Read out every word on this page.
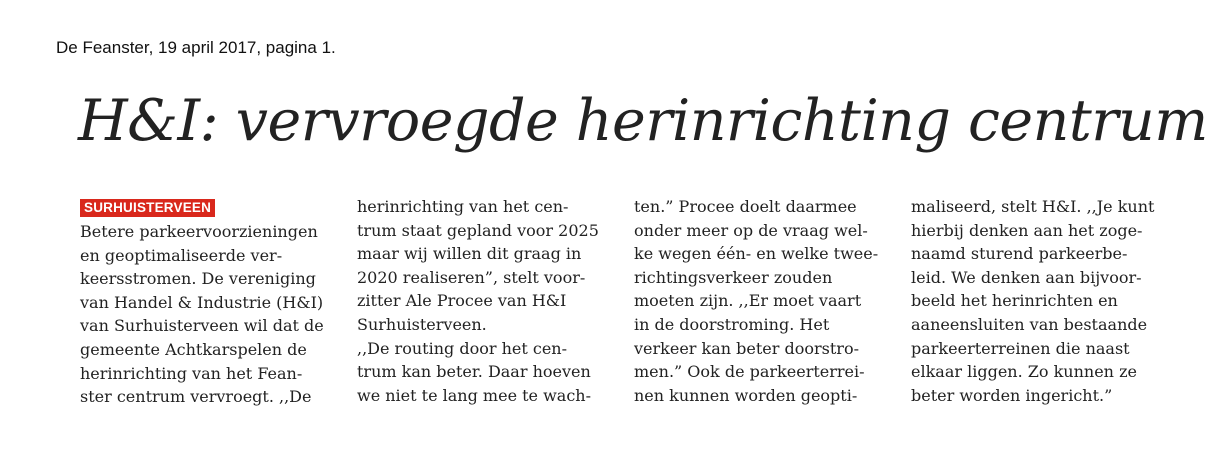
De Feanster, 19 april 2017, pagina 1.

H&I: vervroegde herinrichting centrum
SURHUISTERVEEN
Betere parkeervoorzieningen
en geoptimaliseerde ver-
keersstromen. De vereniging
van Handel & Industrie (H&I)
van Surhuisterveen wil dat de
gemeente Achtkarspelen de
herinrichting van het Fean-
ster centrum vervroegt. ,,De
herinrichting van het cen-
trum staat gepland voor 2025
maar wij willen dit graag in
2020 realiseren”, stelt voor-
zitter Ale Procee van H&I
Surhuisterveen.
,,De routing door het cen-
trum kan beter. Daar hoeven
we niet te lang mee te wach-
ten.” Procee doelt daarmee
onder meer op de vraag wel-
ke wegen één- en welke twee-
richtingsverkeer zouden
moeten zijn. ,,Er moet vaart
in de doorstroming. Het
verkeer kan beter doorstro-
men.” Ook de parkeerterrei-
nen kunnen worden geopti-
maliseerd, stelt H&I. ,,Je kunt
hierbij denken aan het zoge-
naamd sturend parkeerbe-
leid. We denken aan bijvoor-
beeld het herinrichten en
aaneensluiten van bestaande
parkeerterreinen die naast
elkaar liggen. Zo kunnen ze
beter worden ingericht.”
